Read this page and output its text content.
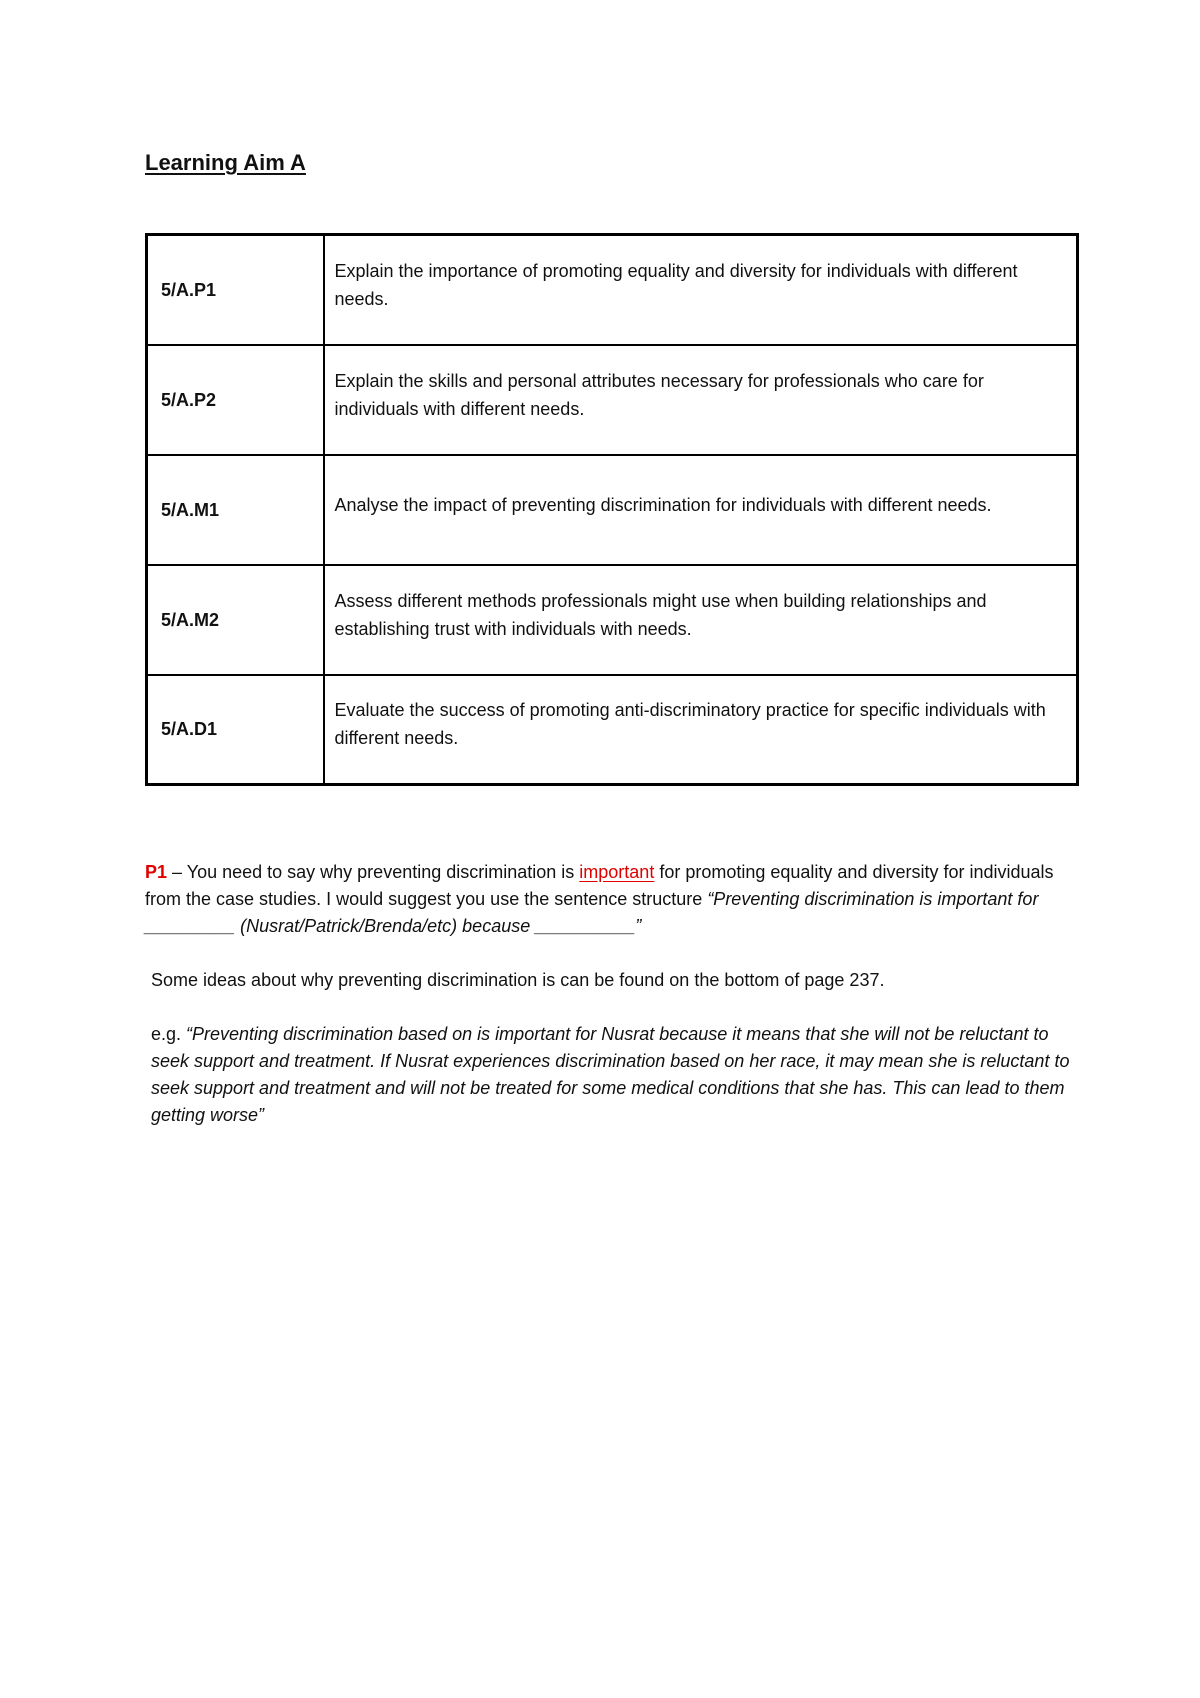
Learning Aim A
5/A.P1	Explain the importance of promoting equality and diversity for individuals with different needs.
5/A.P2	Explain the skills and personal attributes necessary for professionals who care for individuals with different needs.
5/A.M1	Analyse the impact of preventing discrimination for individuals with different needs.
5/A.M2	Assess different methods professionals might use when building relationships and establishing trust with individuals with needs.
5/A.D1	Evaluate the success of promoting anti-discriminatory practice for specific individuals with different needs.

P1 – You need to say why preventing discrimination is important for promoting equality and diversity for individuals from the case studies. I would suggest you use the sentence structure “Preventing discrimination is important for _________ (Nusrat/Patrick/Brenda/etc) because __________”

Some ideas about why preventing discrimination is can be found on the bottom of page 237.

e.g. “Preventing discrimination based on is important for Nusrat because it means that she will not be reluctant to seek support and treatment. If Nusrat experiences discrimination based on her race, it may mean she is reluctant to seek support and treatment and will not be treated for some medical conditions that she has. This can lead to them getting worse”
